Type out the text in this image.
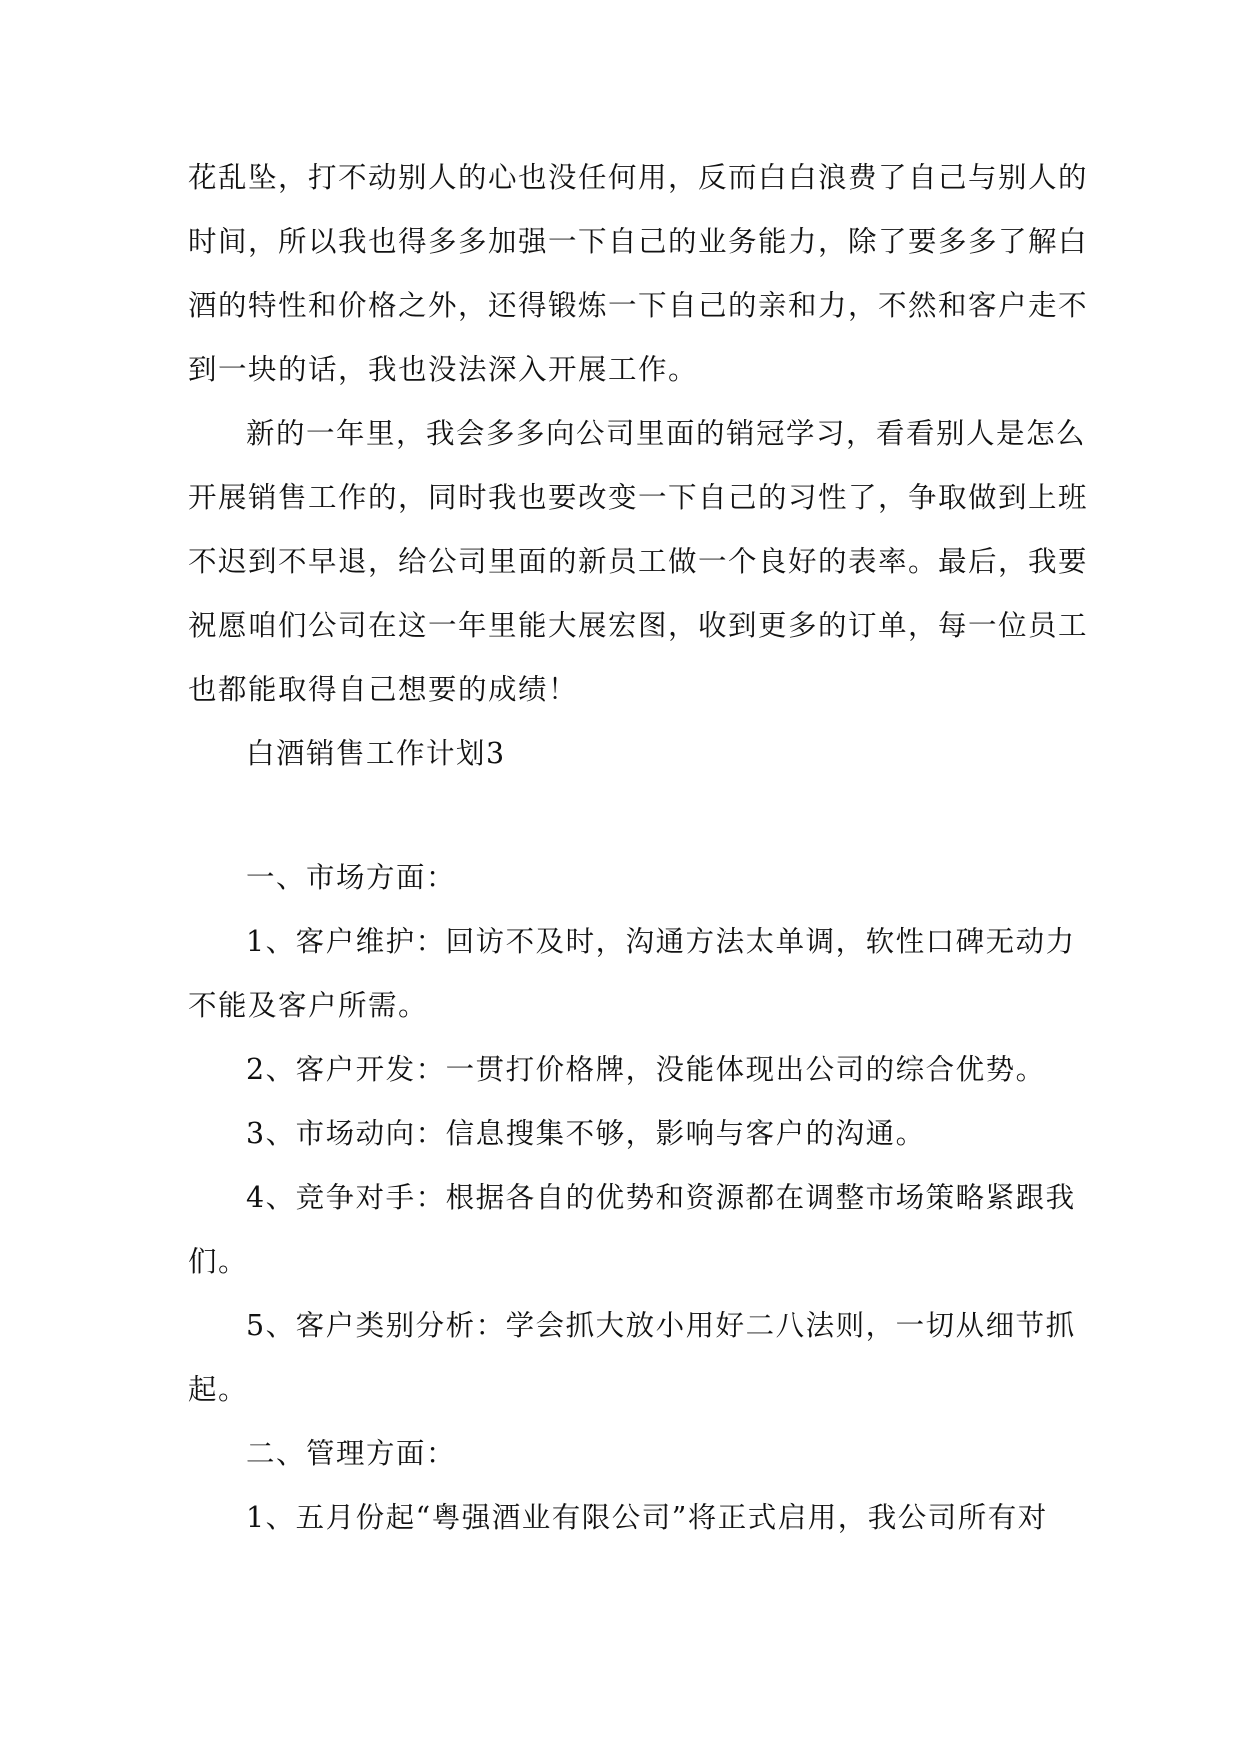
花乱坠，打不动别人的心也没任何用，反而白白浪费了自己与别人的
时间，所以我也得多多加强一下自己的业务能力，除了要多多了解白
酒的特性和价格之外，还得锻炼一下自己的亲和力，不然和客户走不
到一块的话，我也没法深入开展工作。
新的一年里，我会多多向公司里面的销冠学习，看看别人是怎么
开展销售工作的，同时我也要改变一下自己的习性了，争取做到上班
不迟到不早退，给公司里面的新员工做一个良好的表率。最后，我要
祝愿咱们公司在这一年里能大展宏图，收到更多的订单，每一位员工
也都能取得自己想要的成绩！
白酒销售工作计划3
一、市场方面：
1、客户维护：回访不及时，沟通方法太单调，软性口碑无动力
不能及客户所需。
2、客户开发：一贯打价格牌，没能体现出公司的综合优势。
3、市场动向：信息搜集不够，影响与客户的沟通。
4、竞争对手：根据各自的优势和资源都在调整市场策略紧跟我
们。
5、客户类别分析：学会抓大放小用好二八法则，一切从细节抓
起。
二、管理方面：
1、五月份起“粤强酒业有限公司”将正式启用，我公司所有对
